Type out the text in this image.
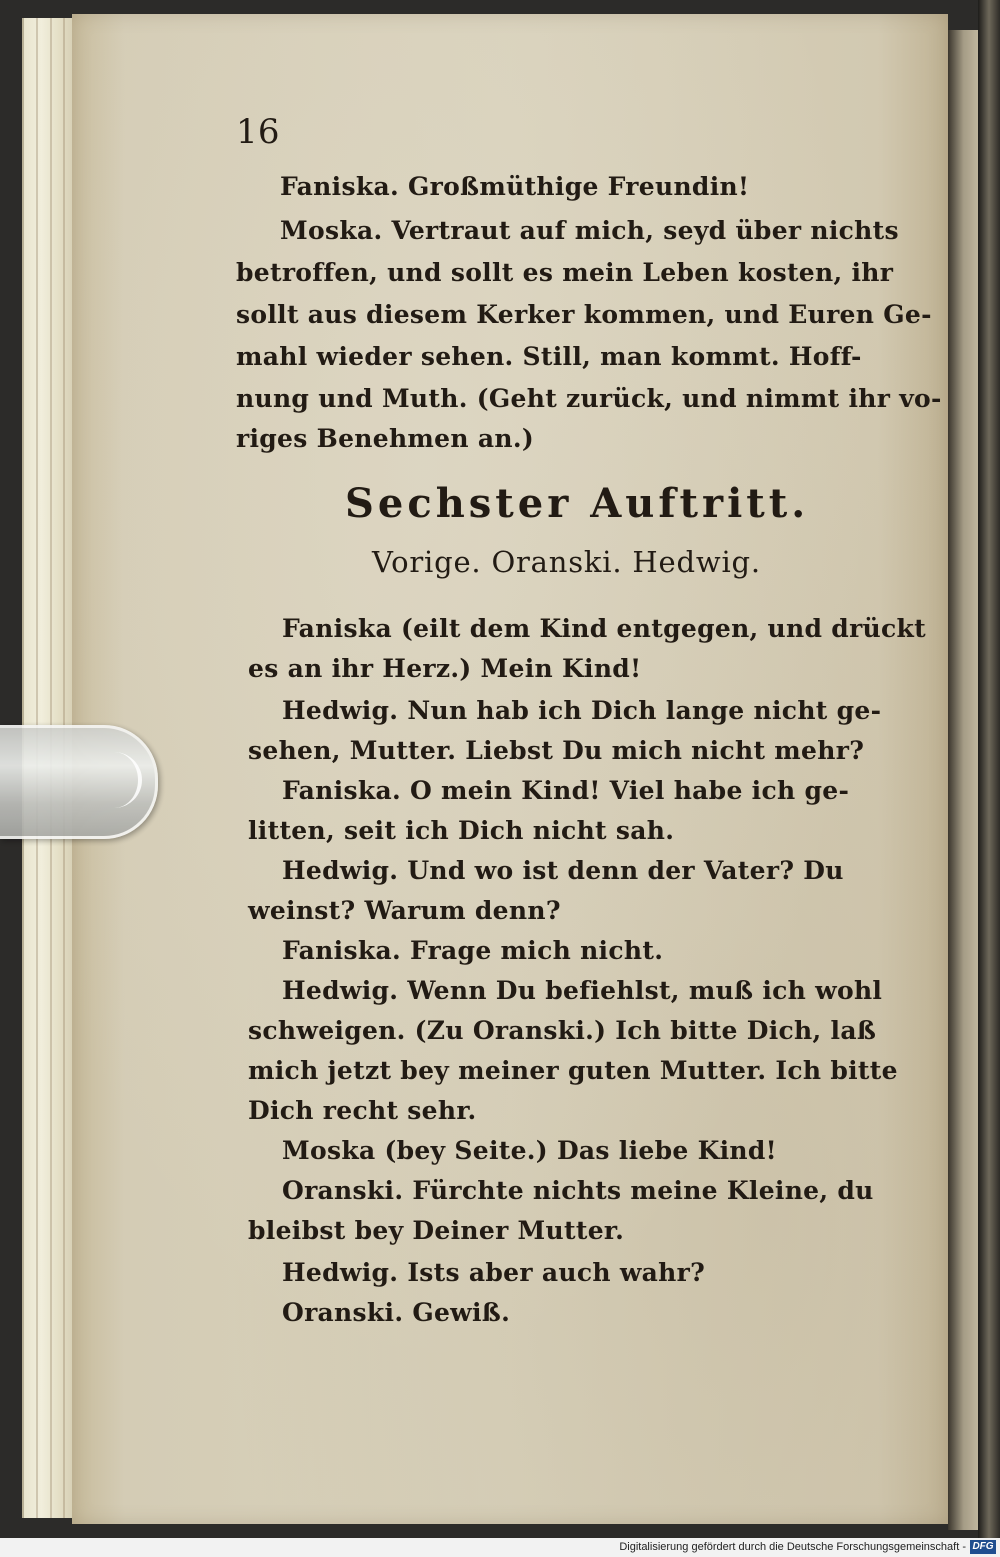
16
Faniska. Großmüthige Freundin!
Moska. Vertraut auf mich, seyd über nichts
betroffen, und sollt es mein Leben kosten, ihr
sollt aus diesem Kerker kommen, und Euren Ge-
mahl wieder sehen. Still, man kommt. Hoff-
nung und Muth. (Geht zurück, und nimmt ihr vo-
riges Benehmen an.)
Sechster Auftritt.
Vorige. Oranski. Hedwig.
Faniska (eilt dem Kind entgegen, und drückt
es an ihr Herz.) Mein Kind!
Hedwig. Nun hab ich Dich lange nicht ge-
sehen, Mutter. Liebst Du mich nicht mehr?
Faniska. O mein Kind! Viel habe ich ge-
litten, seit ich Dich nicht sah.
Hedwig. Und wo ist denn der Vater? Du
weinst? Warum denn?
Faniska. Frage mich nicht.
Hedwig. Wenn Du befiehlst, muß ich wohl
schweigen. (Zu Oranski.) Ich bitte Dich, laß
mich jetzt bey meiner guten Mutter. Ich bitte
Dich recht sehr.
Moska (bey Seite.) Das liebe Kind!
Oranski. Fürchte nichts meine Kleine, du
bleibst bey Deiner Mutter.
Hedwig. Ists aber auch wahr?
Oranski. Gewiß.
Digitalisierung gefördert durch die Deutsche Forschungsgemeinschaft - DFG
